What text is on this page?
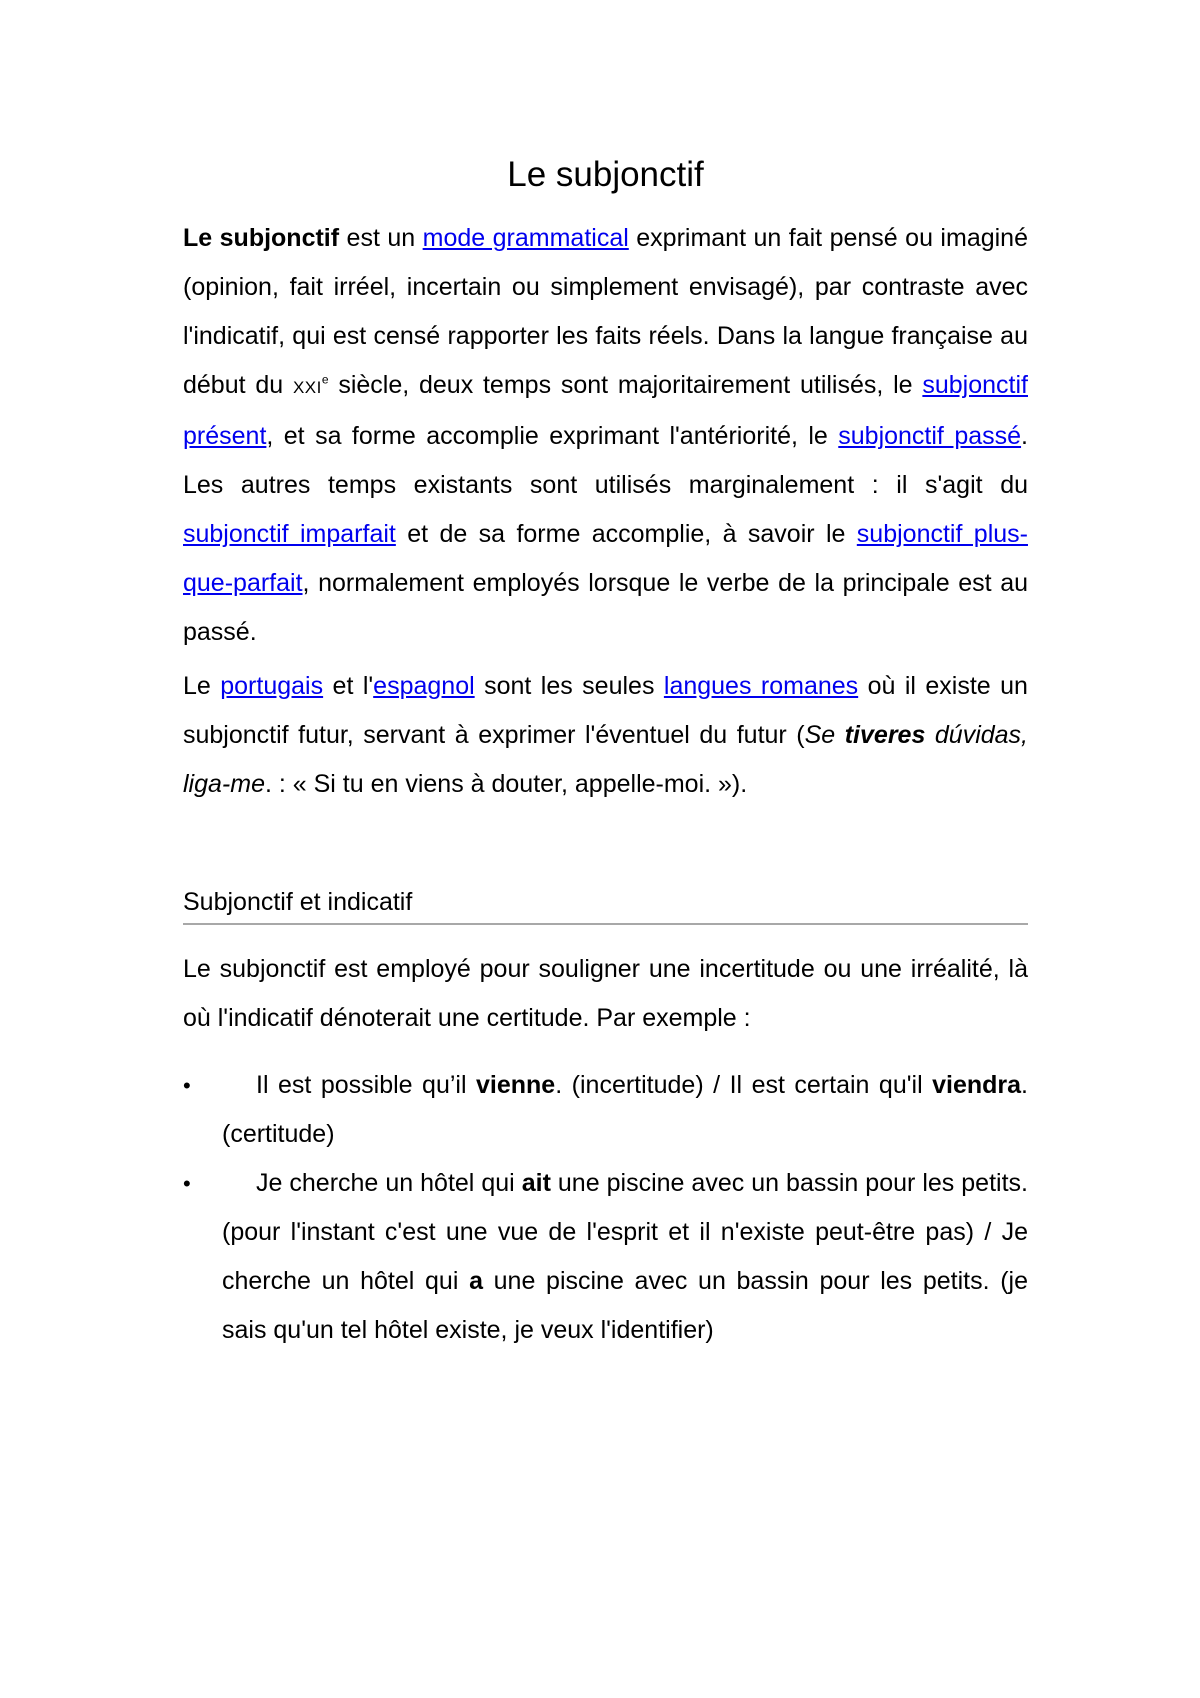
Le subjonctif

Le subjonctif est un mode grammatical exprimant un fait pensé ou imaginé (opinion, fait irréel, incertain ou simplement envisagé), par contraste avec l'indicatif, qui est censé rapporter les faits réels. Dans la langue française au début du XXIe siècle, deux temps sont majoritairement utilisés, le subjonctif présent, et sa forme accomplie exprimant l'antériorité, le subjonctif passé. Les autres temps existants sont utilisés marginalement : il s'agit du subjonctif imparfait et de sa forme accomplie, à savoir le subjonctif plus-que-parfait, normalement employés lorsque le verbe de la principale est au passé.

Le portugais et l'espagnol sont les seules langues romanes où il existe un subjonctif futur, servant à exprimer l'éventuel du futur (Se tiveres dúvidas, liga-me. : « Si tu en viens à douter, appelle-moi. »).

Subjonctif et indicatif

Le subjonctif est employé pour souligner une incertitude ou une irréalité, là où l'indicatif dénoterait une certitude. Par exemple :

•	Il est possible qu’il vienne. (incertitude) / Il est certain qu'il viendra. (certitude)
•	Je cherche un hôtel qui ait une piscine avec un bassin pour les petits. (pour l'instant c'est une vue de l'esprit et il n'existe peut-être pas) / Je cherche un hôtel qui a une piscine avec un bassin pour les petits. (je sais qu'un tel hôtel existe, je veux l'identifier)
